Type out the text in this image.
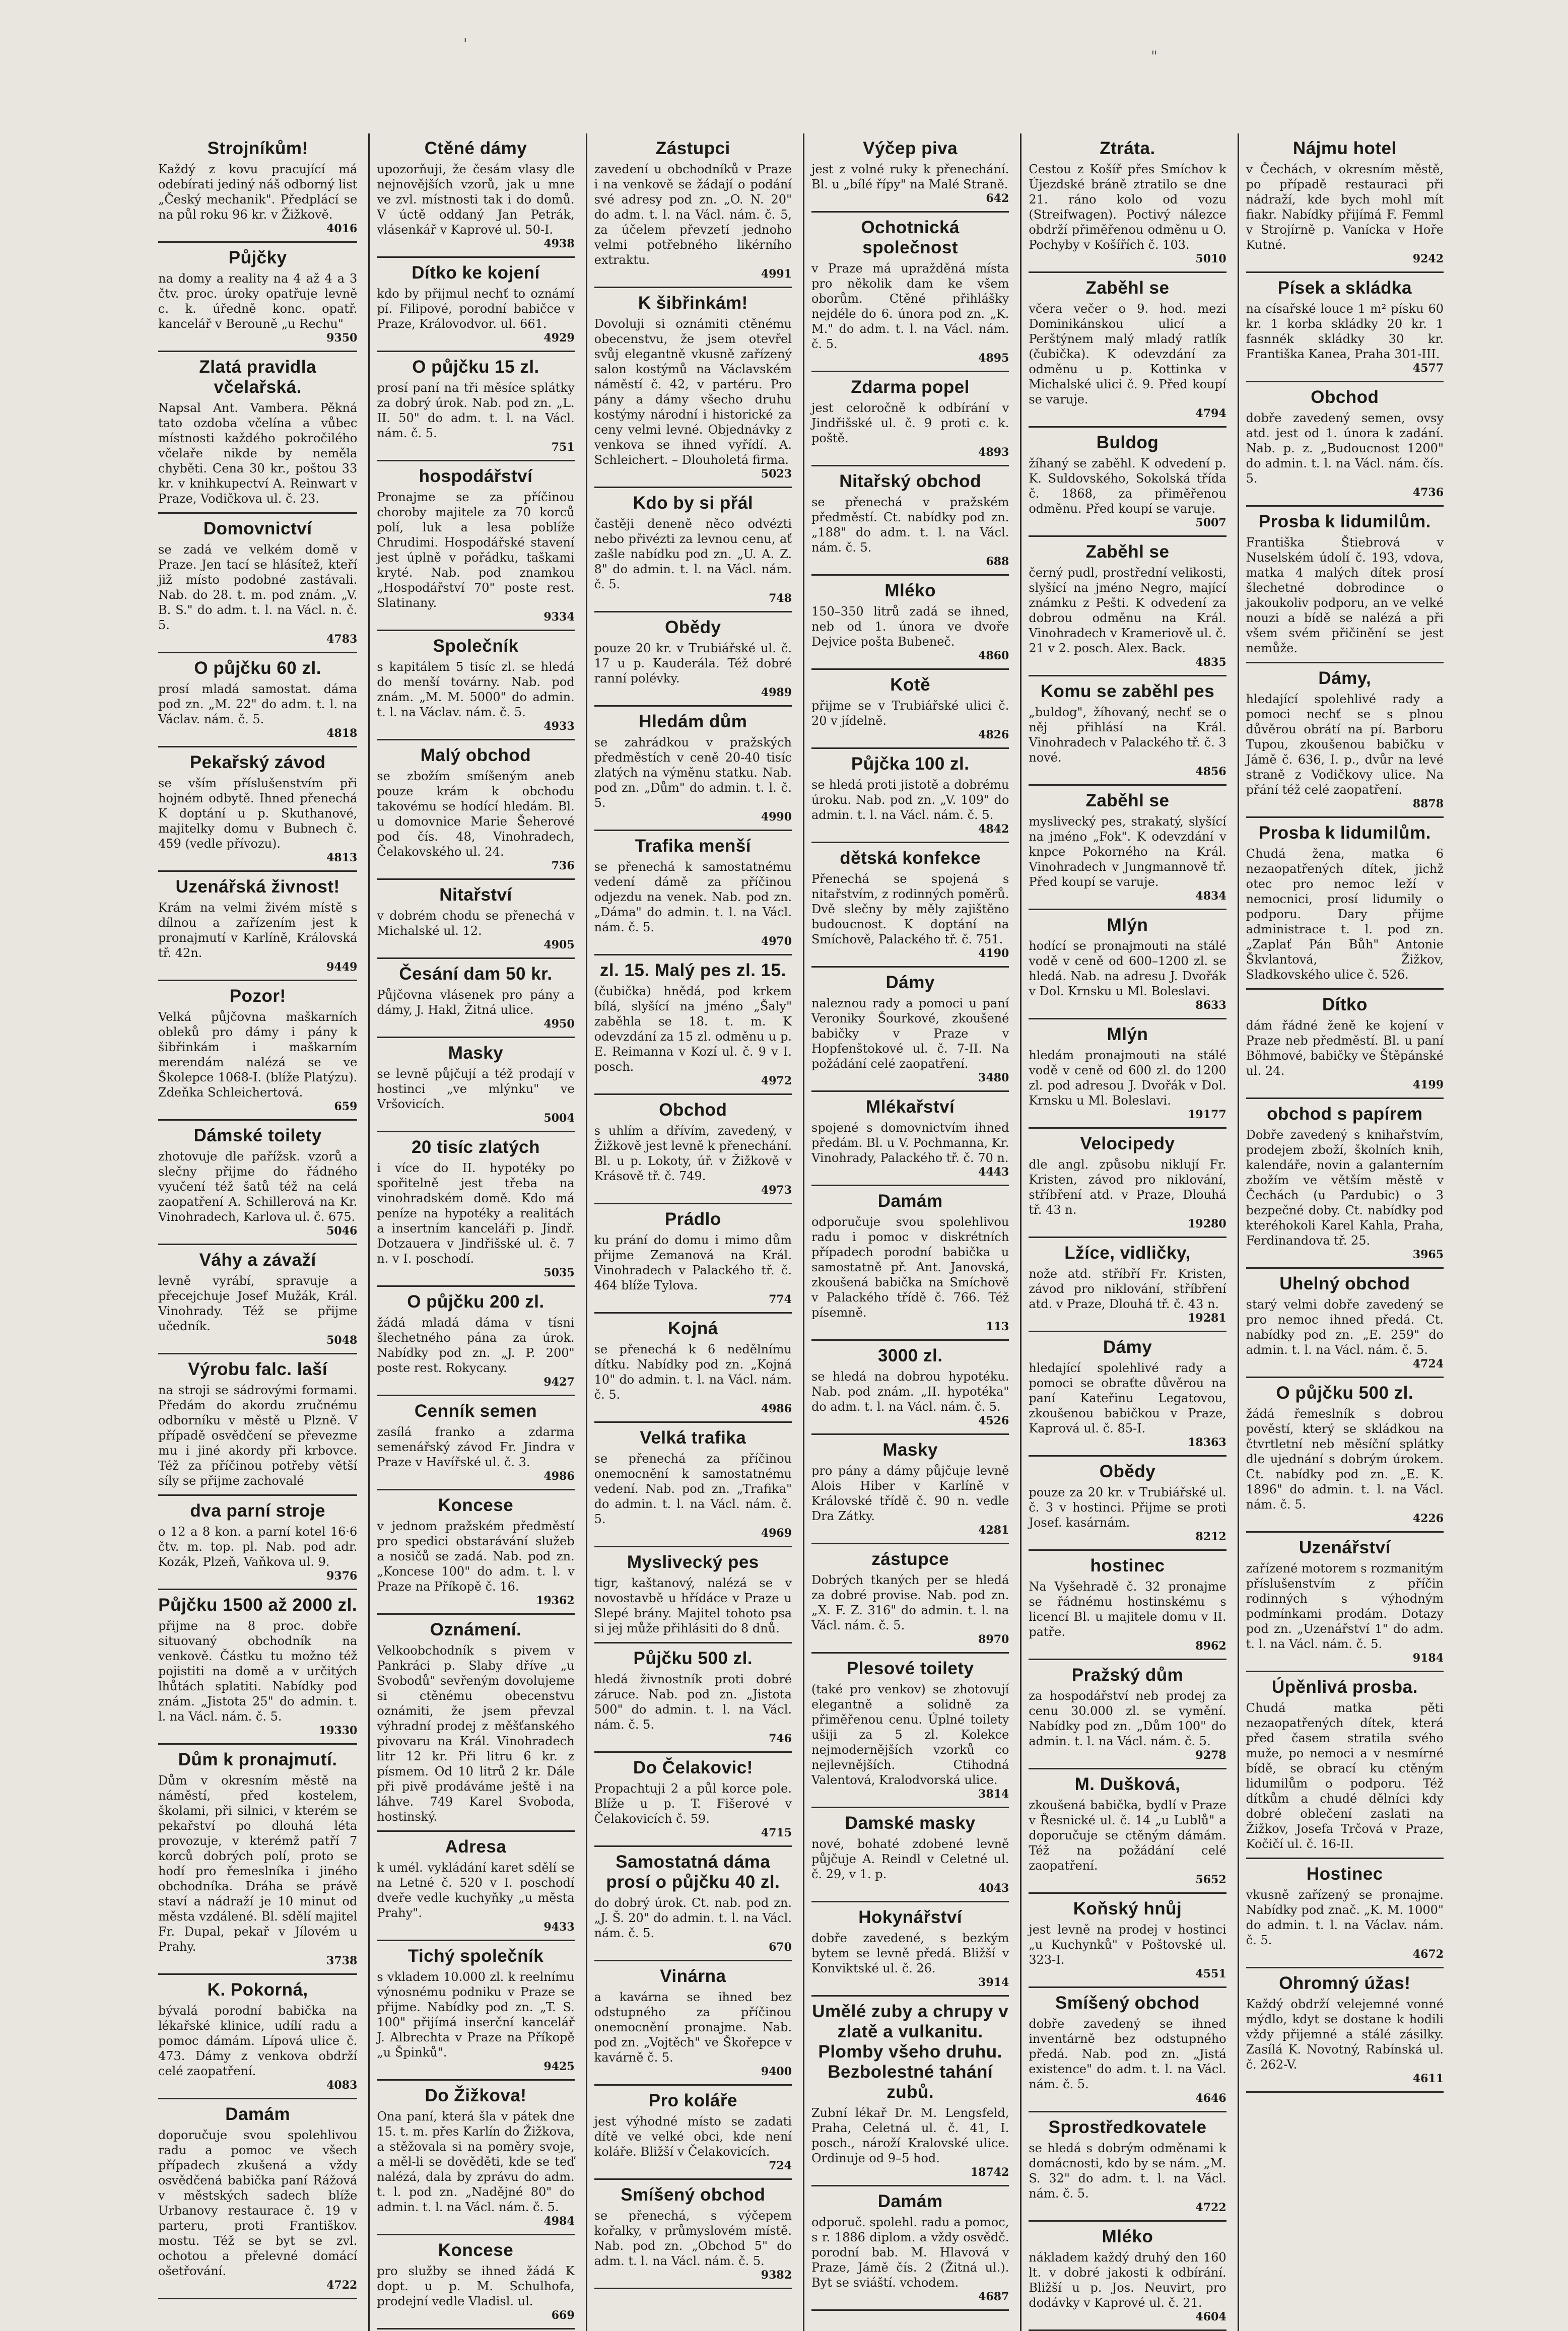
Strojníkům!

Každý z kovu pracující má odebírati jediný náš odborný list „Český mechanik". Předplácí se na půl roku 96 kr. v Žižkově.

4016
Půjčky

na domy a reality na 4 až 4 a 3 čtv. proc. úroky opatřuje levně c. k. úředně konc. opatř. kancelář v Berouně „u Rechu"

9350
Zlatá pravidla včelařská.

Napsal Ant. Vambera. Pěkná tato ozdoba včelína a vůbec místnosti každého pokročilého včelaře nikde by neměla chyběti. Cena 30 kr., poštou 33 kr. v knihkupectví A. Reinwart v Praze, Vodičkova ul. č. 23.

Domovnictví

se zadá ve velkém domě v Praze. Jen tací se hlásítež, kteří již místo podobné zastávali. Nab. do 28. t. m. pod znám. „V. B. S." do adm. t. l. na Václ. n. č. 5.

4783
O půjčku 60 zl.

prosí mladá samostat. dáma pod zn. „M. 22" do adm. t. l. na Václav. nám. č. 5.

4818
Pekařský závod

se vším příslušenstvím při hojném odbytě. Ihned přenechá K doptání u p. Skuthanové, majitelky domu v Bubnech č. 459 (vedle přívozu).

4813
Uzenářská živnost!

Krám na velmi živém místě s dílnou a zařízením jest k pronajmutí v Karlíně, Královská tř. 42n.

9449
Pozor!

Velká půjčovna maškarních obleků pro dámy i pány k šibřinkám i maškarním merendám nalézá se ve Školepce 1068-I. (blíže Platýzu). Zdeňka Schleichertová.

659
Dámské toilety

zhotovuje dle pařížsk. vzorů a slečny přijme do řádného vyučení též šatů též na celá zaopatření A. Schillerová na Kr. Vinohradech, Karlova ul. č. 675.

5046
Váhy a závaží

levně vyrábí, spravuje a přecejchuje Josef Mužák, Král. Vinohrady. Též se přijme učedník.

5048
Výrobu falc. laší

na stroji se sádrovými formami. Předám do akordu zručnému odborníku v městě u Plzně. V případě osvědčení se převezme mu i jiné akordy při krbovce. Též za příčinou potřeby větší síly se přijme zachovalé

dva parní stroje

o 12 a 8 kon. a parní kotel 16·6 čtv. m. top. pl. Nab. pod adr. Kozák, Plzeň, Vaňkova ul. 9.

9376
Půjčku 1500 až 2000 zl.

přijme na 8 proc. dobře situovaný obchodník na venkově. Částku tu možno též pojistiti na domě a v určitých lhůtách splatiti. Nabídky pod znám. „Jistota 25" do admin. t. l. na Václ. nám. č. 5.

19330
Dům k pronajmutí.

Dům v okresním městě na náměstí, před kostelem, školami, při silnici, v kterém se pekařství po dlouhá léta provozuje, v kterémž patří 7 korců dobrých polí, proto se hodí pro řemeslníka i jiného obchodníka. Dráha se právě staví a nádraží je 10 minut od města vzdálené. Bl. sdělí majitel Fr. Dupal, pekař v Jílovém u Prahy.

3738
K. Pokorná,

bývalá porodní babička na lékařské klinice, udílí radu a pomoc dámám. Lípová ulice č. 473. Dámy z venkova obdrží celé zaopatření.

4083
Damám

doporučuje svou spolehlivou radu a pomoc ve všech případech zkušená a vždy osvědčená babička paní Rážová v městských sadech blíže Urbanovy restaurace č. 19 v parteru, proti Františkov. mostu. Též se byt se zvl. ochotou a přelevné domácí ošetřování.

4722
Ctěné dámy

upozorňuji, že česám vlasy dle nejnovějších vzorů, jak u mne ve zvl. místnosti tak i do domů. V úctě oddaný Jan Petrák, vlásenkář v Kaprové ul. 50-I.

4938
Dítko ke kojení

kdo by přijmul nechť to oznámí pí. Filipové, porodní babičce v Praze, Královodvor. ul. 661.

4929
O půjčku 15 zl.

prosí paní na tři měsíce splátky za dobrý úrok. Nab. pod zn. „L. II. 50" do adm. t. l. na Václ. nám. č. 5.

751
hospodářství

Pronajme se za příčinou choroby majitele za 70 korců polí, luk a lesa poblíže Chrudimi. Hospodářské stavení jest úplně v pořádku, taškami kryté. Nab. pod znamkou „Hospodářství 70" poste rest. Slatinany.

9334
Společník

s kapitálem 5 tisíc zl. se hledá do menší továrny. Nab. pod znám. „M. M. 5000" do admin. t. l. na Václav. nám. č. 5.

4933
Malý obchod

se zbožím smíšeným aneb pouze krám k obchodu takovému se hodící hledám. Bl. u domovnice Marie Šeherové pod čís. 48, Vinohradech, Čelakovského ul. 24.

736
Nitařství

v dobrém chodu se přenechá v Michalské ul. 12.

4905
Česání dam 50 kr.

Půjčovna vlásenek pro pány a dámy, J. Hakl, Žitná ulice.

4950
Masky

se levně půjčují a též prodají v hostinci „ve mlýnku" ve Vršovicích.

5004
20 tisíc zlatých

i více do II. hypotéky po spořitelně jest třeba na vinohradském domě. Kdo má peníze na hypotéky a realitách a insertním kanceláři p. Jindř. Dotzauera v Jindřišské ul. č. 7 n. v I. poschodí.

5035
O půjčku 200 zl.

žádá mladá dáma v tísni šlechetného pána za úrok. Nabídky pod zn. „J. P. 200" poste rest. Rokycany.

9427
Cenník semen

zasílá franko a zdarma semenářský závod Fr. Jindra v Praze v Havířské ul. č. 3.

4986
Koncese

v jednom pražském předměstí pro spedici obstarávání služeb a nosičů se zadá. Nab. pod zn. „Koncese 100" do adm. t. l. v Praze na Příkopě č. 16.

19362
Oznámení.

Velkoobchodník s pivem v Pankráci p. Slaby dříve „u Svobodů" sevřeným dovolujeme si ctěnému obecenstvu oznámiti, že jsem převzal výhradní prodej z měšťanského pivovaru na Král. Vinohradech litr 12 kr. Při litru 6 kr. z písmem. Od 10 litrů 2 kr. Dále při pivě prodáváme ještě i na láhve. 749 Karel Svoboda, hostinský.

Adresa

k umél. vykládání karet sdělí se na Letné č. 520 v I. poschodí dveře vedle kuchyňky „u města Prahy".

9433
Tichý společník

s vkladem 10.000 zl. k reelnímu výnosnému podniku v Praze se přijme. Nabídky pod zn. „T. S. 100" přijímá inserční kancelář J. Albrechta v Praze na Příkopě „u Špinků".

9425
Do Žižkova!

Ona paní, která šla v pátek dne 15. t. m. přes Karlín do Žižkova, a stěžovala si na poměry svoje, a měl-li se dověděti, kde se teď nalézá, dala by zprávu do adm. t. l. pod zn. „Nadějné 80" do admin. t. l. na Václ. nám. č. 5.

4984
Koncese

pro služby se ihned žádá K dopt. u p. M. Schulhofa, prodejní vedle Vladisl. ul.

669
Zástupci

zavedení u obchodníků v Praze i na venkově se žádají o podání své adresy pod zn. „O. N. 20" do adm. t. l. na Václ. nám. č. 5, za účelem převzetí jednoho velmi potřebného likérního extraktu.

4991
K šibřinkám!

Dovoluji si oznámiti ctěnému obecenstvu, že jsem otevřel svůj elegantně vkusně zařízený salon kostýmů na Václavském náměstí č. 42, v partéru. Pro pány a dámy všecho druhu kostýmy národní i historické za ceny velmi levné. Objednávky z venkova se ihned vyřídí. A. Schleichert. – Dlouholetá firma.

5023
Kdo by si přál

častěji deneně něco odvézti nebo přivézti za levnou cenu, ať zašle nabídku pod zn. „U. A. Z. 8" do admin. t. l. na Václ. nám. č. 5.

748
Obědy

pouze 20 kr. v Trubiářské ul. č. 17 u p. Kauderála. Též dobré ranní polévky.

4989
Hledám dům

se zahrádkou v pražských předměstích v ceně 20-40 tisíc zlatých na výměnu statku. Nab. pod zn. „Dům" do admin. t. l. č. 5.

4990
Trafika menší

se přenechá k samostatnému vedení dámě za příčinou odjezdu na venek. Nab. pod zn. „Dáma" do admin. t. l. na Václ. nám. č. 5.

4970
zl. 15. Malý pes zl. 15.

(čubička) hnědá, pod krkem bílá, slyšící na jméno „Šaly" zaběhla se 18. t. m. K odevzdání za 15 zl. odměnu u p. E. Reimanna v Kozí ul. č. 9 v I. posch.

4972
Obchod

s uhlím a dřívím, zavedený, v Žižkově jest levně k přenechání. Bl. u p. Lokoty, úř. v Žižkově v Krásově tř. č. 749.

4973
Prádlo

ku prání do domu i mimo dům přijme Zemanová na Král. Vinohradech v Palackého tř. č. 464 blíže Tylova.

774
Kojná

se přenechá k 6 nedělnímu dítku. Nabídky pod zn. „Kojná 10" do admin. t. l. na Václ. nám. č. 5.

4986
Velká trafika

se přenechá za příčinou onemocnění k samostatnému vedení. Nab. pod zn. „Trafika" do admin. t. l. na Václ. nám. č. 5.

4969
Myslivecký pes

tigr, kaštanový, nalézá se v novostavbě u hřídáce v Praze u Slepé brány. Majitel tohoto psa si jej může přihlásiti do 8 dnů.

Půjčku 500 zl.

hledá živnostník proti dobré záruce. Nab. pod zn. „Jistota 500" do admin. t. l. na Václ. nám. č. 5.

746
Do Čelakovic!

Propachtuji 2 a půl korce pole. Blíže u p. T. Fišerové v Čelakovicích č. 59.

4715
Samostatná dáma prosí o půjčku 40 zl.

do dobrý úrok. Ct. nab. pod zn. „J. Š. 20" do admin. t. l. na Václ. nám. č. 5.

670
Vinárna

a kavárna se ihned bez odstupného za příčinou onemocnění pronajme. Nab. pod zn. „Vojtěch" ve Škořepce v kavárně č. 5.

9400
Pro koláře

jest výhodné místo se zadati dítě ve velké obci, kde není koláře. Bližší v Čelakovicích.

724
Smíšený obchod

se přenechá, s výčepem kořalky, v průmyslovém místě. Nab. pod zn. „Obchod 5" do adm. t. l. na Václ. nám. č. 5.

9382
Výčep piva

jest z volné ruky k přenechání. Bl. u „bílé řípy" na Malé Straně.

642
Ochotnická společnost

v Praze má upražděná místa pro několik dam ke všem oborům. Ctěné přihlášky nejdéle do 6. února pod zn. „K. M." do adm. t. l. na Václ. nám. č. 5.

4895
Zdarma popel

jest celoročně k odbírání v Jindřišské ul. č. 9 proti c. k. poště.

4893
Nitařský obchod

se přenechá v pražském předměstí. Ct. nabídky pod zn. „188" do adm. t. l. na Václ. nám. č. 5.

688
Mléko

150–350 litrů zadá se ihned, neb od 1. února ve dvoře Dejvice pošta Bubeneč.

4860
Kotě

přijme se v Trubiářské ulici č. 20 v jídelně.

4826
Půjčka 100 zl.

se hledá proti jistotě a dobrému úroku. Nab. pod zn. „V. 109" do admin. t. l. na Václ. nám. č. 5.

4842
dětská konfekce

Přenechá se spojená s nitařstvím, z rodinných poměrů. Dvě slečny by měly zajištěno budoucnost. K doptání na Smíchově, Palackého tř. č. 751.

4190
Dámy

naleznou rady a pomoci u paní Veroniky Šourkové, zkoušené babičky v Praze v Hopfenštokové ul. č. 7-II. Na požádání celé zaopatření.

3480
Mlékařství

spojené s domovnictvím ihned předám. Bl. u V. Pochmanna, Kr. Vinohrady, Palackého tř. č. 70 n.

4443
Damám

odporučuje svou spolehlivou radu i pomoc v diskrétních případech porodní babička u samostatně př. Ant. Janovská, zkoušená babička na Smíchově v Palackého třídě č. 766. Též písemně.

113
3000 zl.

se hledá na dobrou hypotéku. Nab. pod znám. „II. hypotéka" do adm. t. l. na Václ. nám. č. 5.

4526
Masky

pro pány a dámy půjčuje levně Alois Hiber v Karlíně v Královské třídě č. 90 n. vedle Dra Zátky.

4281
zástupce

Dobrých tkaných per se hledá za dobré provise. Nab. pod zn. „X. F. Z. 316" do admin. t. l. na Václ. nám. č. 5.

8970
Plesové toilety

(také pro venkov) se zhotovují elegantně a solidně za přiměřenou cenu. Úplné toilety ušiji za 5 zl. Kolekce nejmodernějších vzorků co nejlevnějších. Ctihodná Valentová, Kralodvorská ulice.

3814
Damské masky

nové, bohaté zdobené levně půjčuje A. Reindl v Celetné ul. č. 29, v 1. p.

4043
Hokynářství

dobře zavedené, s bezkým bytem se levně předá. Bližší v Konviktské ul. č. 26.

3914
Umělé zuby a chrupy v zlatě a vulkanitu. Plomby všeho druhu. Bezbolestné tahání zubů.

Zubní lékař Dr. M. Lengsfeld, Praha, Celetná ul. č. 41, I. posch., nároží Kralovské ulice. Ordinuje od 9–5 hod.

18742
Damám

odporuč. spolehl. radu a pomoc, s r. 1886 diplom. a vždy osvědč. porodní bab. M. Hlavová v Praze, Jámě čís. 2 (Žitná ul.). Byt se sviáští. vchodem.

4687
Ztráta.

Cestou z Košíř přes Smíchov k Újezdské bráně ztratilo se dne 21. ráno kolo od vozu (Streifwagen). Poctivý nálezce obdrží přiměřenou odměnu u O. Pochyby v Košířích č. 103.

5010
Zaběhl se

včera večer o 9. hod. mezi Dominikánskou ulicí a Perštýnem malý mladý ratlík (čubička). K odevzdání za odměnu u p. Kottinka v Michalské ulici č. 9. Před koupí se varuje.

4794
Buldog

žíhaný se zaběhl. K odvedení p. K. Suldovského, Sokolská třída č. 1868, za přiměřenou odměnu. Před koupí se varuje.

5007
Zaběhl se

černý pudl, prostřední velikosti, slyšící na jméno Negro, mající známku z Pešti. K odvedení za dobrou odměnu na Král. Vinohradech v Krameriově ul. č. 21 v 2. posch. Alex. Back.

4835
Komu se zaběhl pes

„buldog", žíhovaný, nechť se o něj přihlásí na Král. Vinohradech v Palackého tř. č. 3 nové.

4856
Zaběhl se

myslivecký pes, strakatý, slyšící na jméno „Fok". K odevzdání v knpce Pokorného na Král. Vinohradech v Jungmannově tř. Před koupí se varuje.

4834
Mlýn

hodící se pronajmouti na stálé vodě v ceně od 600–1200 zl. se hledá. Nab. na adresu J. Dvořák v Dol. Krnsku u Ml. Boleslavi.

8633
Mlýn

hledám pronajmouti na stálé vodě v ceně od 600 zl. do 1200 zl. pod adresou J. Dvořák v Dol. Krnsku u Ml. Boleslavi.

19177
Velocipedy

dle angl. způsobu niklují Fr. Kristen, závod pro niklování, stříbření atd. v Praze, Dlouhá tř. 43 n.

19280
Lžíce, vidličky,

nože atd. stříbří Fr. Kristen, závod pro niklování, stříbření atd. v Praze, Dlouhá tř. č. 43 n.

19281
Dámy

hledající spolehlivé rady a pomoci se obraťte důvěrou na paní Kateřinu Legatovou, zkoušenou babičkou v Praze, Kaprová ul. č. 85-I.

18363
Obědy

pouze za 20 kr. v Trubiářské ul. č. 3 v hostinci. Přijme se proti Josef. kasárnám.

8212
hostinec

Na Vyšehradě č. 32 pronajme se řádnému hostinskému s licencí Bl. u majitele domu v II. patře.

8962
Pražský dům

za hospodářství neb prodej za cenu 30.000 zl. se vymění. Nabídky pod zn. „Dům 100" do admin. t. l. na Václ. nám. č. 5.

9278
M. Dušková,

zkoušená babička, bydlí v Praze v Řesnické ul. č. 14 „u Lublů" a doporučuje se ctěným dámám. Též na požádání celé zaopatření.

5652
Koňský hnůj

jest levně na prodej v hostinci „u Kuchynků" v Poštovské ul. 323-I.

4551
Smíšený obchod

dobře zavedený se ihned inventárně bez odstupného předá. Nab. pod zn. „Jistá existence" do adm. t. l. na Václ. nám. č. 5.

4646
Sprostředkovatele

se hledá s dobrým odměnami k domácnosti, kdo by se nám. „M. S. 32" do adm. t. l. na Václ. nám. č. 5.

4722
Mléko

nákladem každý druhý den 160 lt. v dobré jakosti k odbírání. Bližší u p. Jos. Neuvirt, pro dodávky v Kaprové ul. č. 21.

4604
Nájmu hotel

v Čechách, v okresním městě, po případě restauraci při nádraží, kde bych mohl mít fiakr. Nabídky přijímá F. Femml v Strojírně p. Vanícka v Hoře Kutné.

9242
Písek a skládka

na císařské louce 1 m² písku 60 kr. 1 korba skládky 20 kr. 1 fasnnék skládky 30 kr. Františka Kanea, Praha 301-III.

4577
Obchod

dobře zavedený semen, ovsy atd. jest od 1. února k zadání. Nab. p. z. „Budoucnost 1200" do admin. t. l. na Václ. nám. čís. 5.

4736
Prosba k lidumilům.

Františka Štiebrová v Nuselském údolí č. 193, vdova, matka 4 malých dítek prosí šlechetné dobrodince o jakoukoliv podporu, an ve velké nouzi a bídě se nalézá a při všem svém přičinění se jest nemůže.

Dámy,

hledající spolehlivé rady a pomoci nechť se s plnou důvěrou obrátí na pí. Barboru Tupou, zkoušenou babičku v Jámě č. 636, I. p., dvůr na levé straně z Vodičkovy ulice. Na přání též celé zaopatření.

8878
Prosba k lidumilům.

Chudá žena, matka 6 nezaopatřených dítek, jichž otec pro nemoc leží v nemocnici, prosí lidumily o podporu. Dary přijme administrace t. l. pod zn. „Zaplať Pán Bůh" Antonie Škvlantová, Žižkov, Sladkovského ulice č. 526.

Dítko

dám řádné ženě ke kojení v Praze neb předměstí. Bl. u paní Böhmové, babičky ve Štěpánské ul. 24.

4199
obchod s papírem

Dobře zavedený s knihařstvím, prodejem zboží, školních knih, kalendáře, novin a galanterním zbožím ve větším městě v Čechách (u Pardubic) o 3 bezpečné doby. Ct. nabídky pod kteréhokoli Karel Kahla, Praha, Ferdinandova tř. 25.

3965
Uhelný obchod

starý velmi dobře zavedený se pro nemoc ihned předá. Ct. nabídky pod zn. „E. 259" do admin. t. l. na Václ. nám. č. 5.

4724
O půjčku 500 zl.

žádá řemeslník s dobrou pověstí, který se skládkou na čtvrtletní neb měsíční splátky dle ujednání s dobrým úrokem. Ct. nabídky pod zn. „E. K. 1896" do admin. t. l. na Václ. nám. č. 5.

4226
Uzenářství

zařízené motorem s rozmanitým příslušenstvím z příčin rodinných s výhodným podmínkami prodám. Dotazy pod zn. „Uzenářství 1" do adm. t. l. na Václ. nám. č. 5.

9184
Úpěnlivá prosba.

Chudá matka pěti nezaopatřených dítek, která před časem stratila svého muže, po nemoci a v nesmírné bídě, se obrací ku ctěným lidumilům o podporu. Též dítkům a chudé dělníci kdy dobré oblečení zaslati na Žižkov, Josefa Trčová v Praze, Kočičí ul. č. 16-II.

Hostinec

vkusně zařízený se pronajme. Nabídky pod znač. „K. M. 1000" do admin. t. l. na Václav. nám. č. 5.

4672
Ohromný úžas!

Každý obdrží velejemné vonné mýdlo, kdyt se dostane k hodili vždy přijemné a stálé zásilky. Zasílá K. Novotný, Rabínská ul. č. 262-V.

4611
'
"
